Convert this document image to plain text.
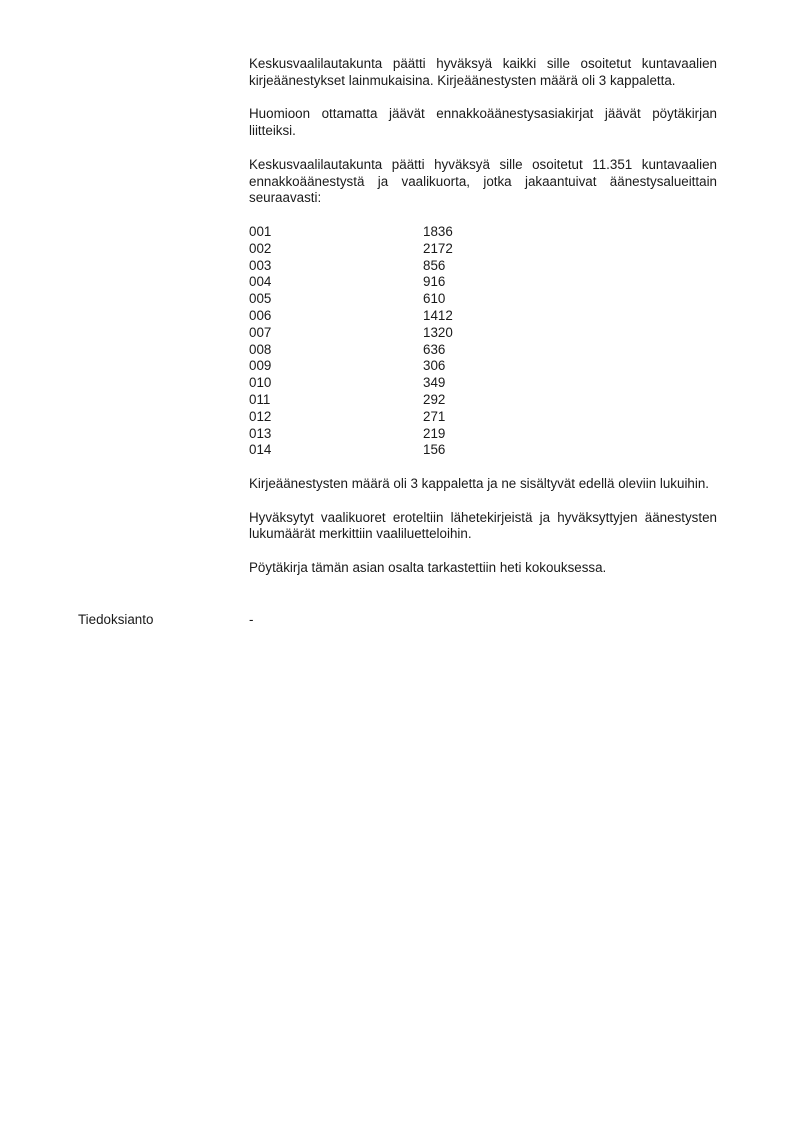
Keskusvaalilautakunta päätti hyväksyä kaikki sille osoitetut kuntavaalien kirjeäänestykset lainmukaisina. Kirjeäänestysten määrä oli 3 kappaletta.

Huomioon ottamatta jäävät ennakkoäänestysasiakirjat jäävät pöytäkirjan liitteiksi.

Keskusvaalilautakunta päätti hyväksyä sille osoitetut 11.351 kuntavaalien ennakkoäänestystä ja vaalikuorta, jotka jakaantuivat äänestysalueittain seuraavasti:

001	1836
002	2172
003	856
004	916
005	610
006	1412
007	1320
008	636
009	306
010	349
011	292
012	271
013	219
014	156

Kirjeäänestysten määrä oli 3 kappaletta ja ne sisältyvät edellä oleviin lukuihin.

Hyväksytyt vaalikuoret eroteltiin lähetekirjeistä ja hyväksyttyjen äänestysten lukumäärät merkittiin vaaliluetteloihin.

Pöytäkirja tämän asian osalta tarkastettiin heti kokouksessa.

Tiedoksianto	-
